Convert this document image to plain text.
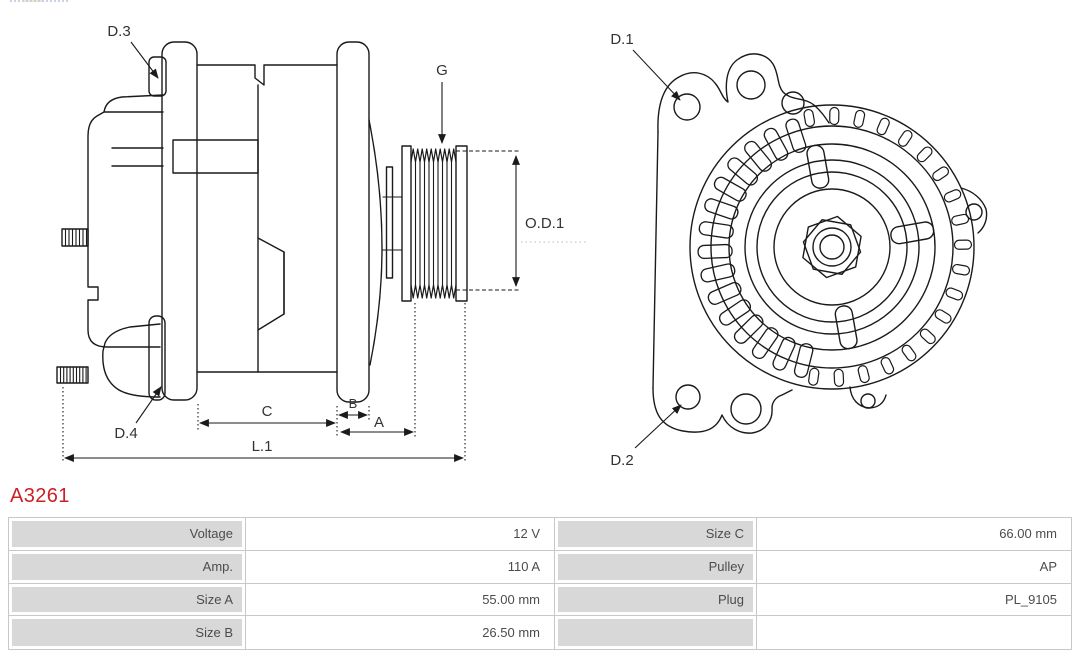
D.3
G
O.D.1
D.4
C	B
A
L.1
D.1
D.2
A3261
Voltage	12 V	Size C	66.00 mm
Amp.	110 A	Pulley	AP
Size A	55.00 mm	Plug	PL_9105
Size B	26.50 mm
